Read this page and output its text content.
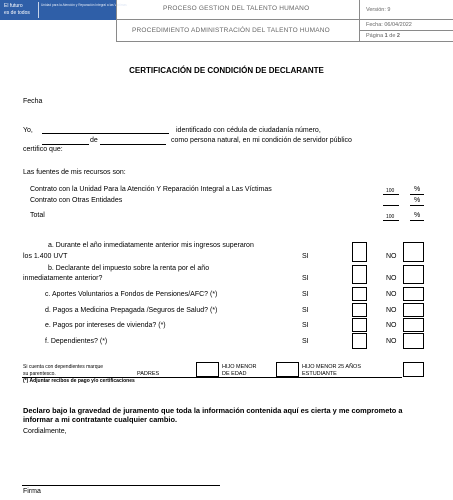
El futuro
es de todos
Unidad para la Atención y Reparación Integral a las Víctimas	PROCESO GESTION DEL TALENTO HUMANO
PROCEDIMIENTO ADMINISTRACIÓN DEL TALENTO HUMANO
Versión: 9
Fecha: 06/04/2022
Página 1 de 2
CERTIFICACIÓN DE CONDICIÓN DE DECLARANTE
Fecha
Yo,	identificado con cédula de ciudadanía número,
de	como persona natural, en mi condición de servidor público
certifico que:
Las fuentes de mis recursos son:
Contrato con la Unidad Para la Atención Y Reparación Integral a Las Víctimas	100	%
Contrato con Otras Entidades	%
Total	100	%
a. Durante el año inmediatamente anterior mis ingresos superaron
los 1.400 UVT	SI	NO
b. Declarante del impuesto sobre la renta por el año
inmediatamente anterior?	SI	NO
c. Aportes Voluntarios a Fondos de Pensiones/AFC? (*)	SI	NO
d. Pagos a Medicina Prepagada /Seguros de Salud? (*)	SI	NO
e. Pagos por intereses de vivienda? (*)	SI	NO
f. Dependientes? (*)	SI	NO
Si cuenta con dependientes marque
su parentesco.	PADRES
HIJO MENOR
DE EDAD
HIJO MENOR 25 AÑOS
ESTUDIANTE
(*) Adjuntar recibos de pago y/o certificaciones
Declaro bajo la gravedad de juramento que toda la información contenida aquí es cierta y me comprometo a informar a mi contratante cualquier cambio.
Cordialmente,
Firma
